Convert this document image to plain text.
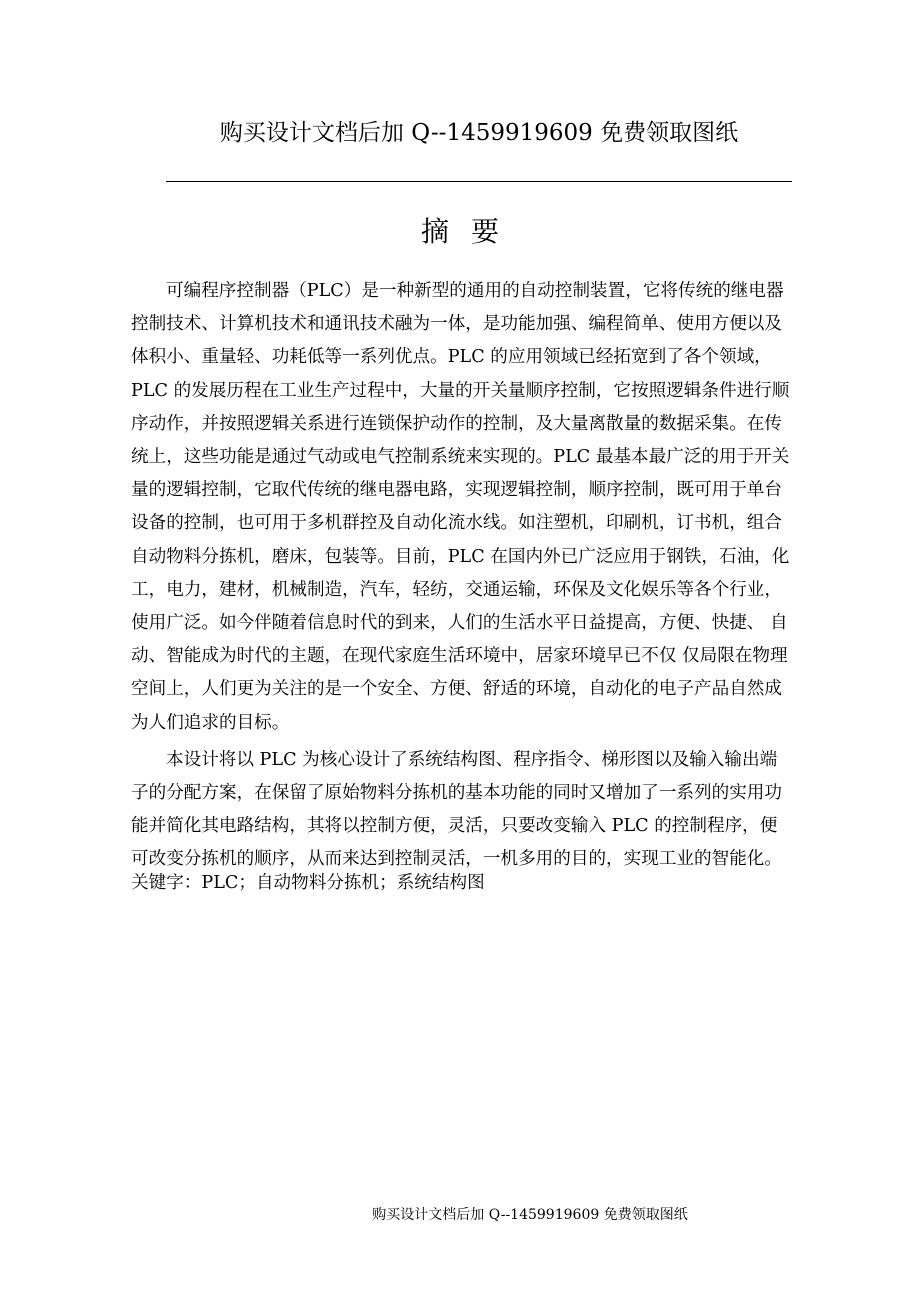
购买设计文档后加 Q--1459919609 免费领取图纸
摘要

可编程序控制器（PLC）是一种新型的通用的自动控制装置，它将传统的继电器控制技术、计算机技术和通讯技术融为一体，是功能加强、编程简单、使用方便以及体积小、重量轻、功耗低等一系列优点。PLC 的应用领域已经拓宽到了各个领域，PLC 的发展历程在工业生产过程中，大量的开关量顺序控制，它按照逻辑条件进行顺序动作，并按照逻辑关系进行连锁保护动作的控制，及大量离散量的数据采集。在传统上，这些功能是通过气动或电气控制系统来实现的。PLC 最基本最广泛的用于开关量的逻辑控制，它取代传统的继电器电路，实现逻辑控制，顺序控制，既可用于单台设备的控制，也可用于多机群控及自动化流水线。如注塑机，印刷机，订书机，组合自动物料分拣机，磨床，包装等。目前，PLC 在国内外已广泛应用于钢铁，石油，化工，电力，建材，机械制造，汽车，轻纺，交通运输，环保及文化娱乐等各个行业，使用广泛。如今伴随着信息时代的到来，人们的生活水平日益提高，方便、快捷、 自动、智能成为时代的主题，在现代家庭生活环境中，居家环境早已不仅 仅局限在物理空间上，人们更为关注的是一个安全、方便、舒适的环境，自动化的电子产品自然成为人们追求的目标。

本设计将以 PLC 为核心设计了系统结构图、程序指令、梯形图以及输入输出端子的分配方案，在保留了原始物料分拣机的基本功能的同时又增加了一系列的实用功能并简化其电路结构，其将以控制方便，灵活，只要改变输入 PLC 的控制程序，便可改变分拣机的顺序，从而来达到控制灵活，一机多用的目的，实现工业的智能化。

关键字：PLC；自动物料分拣机；系统结构图
购买设计文档后加 Q--1459919609 免费领取图纸
